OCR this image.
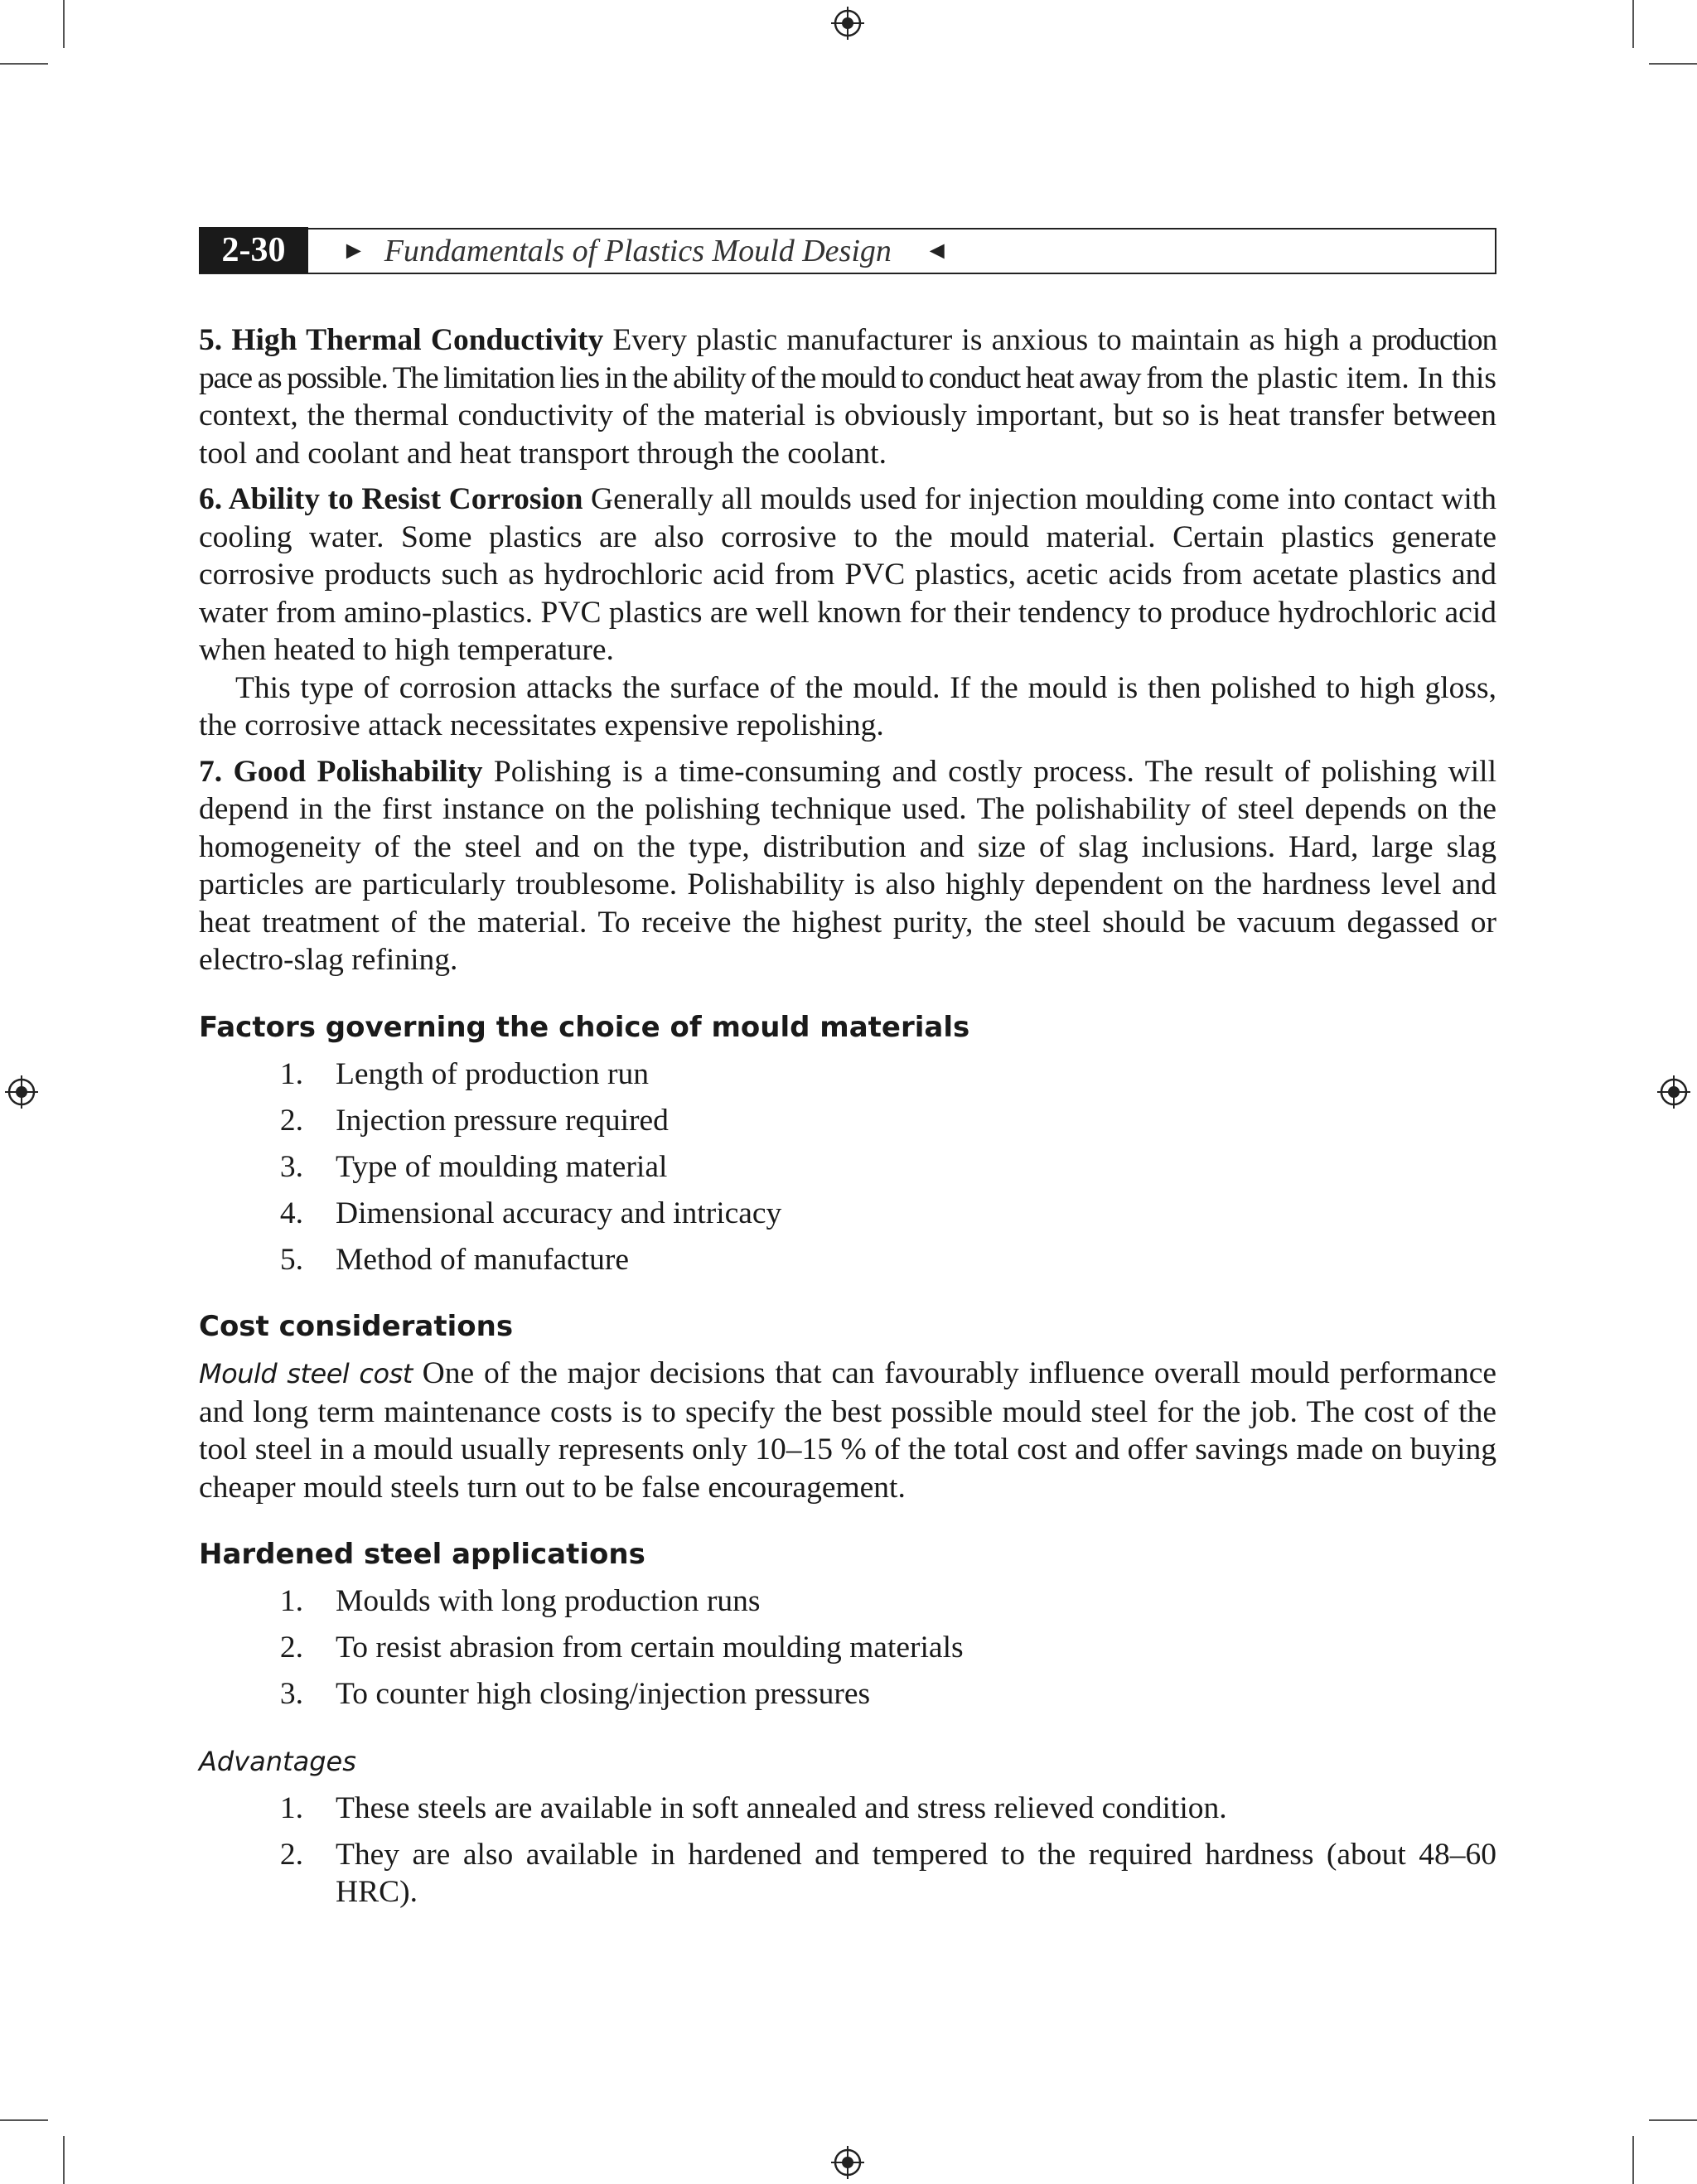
2-30	► Fundamentals of Plastics Mould Design ◄

5. High Thermal Conductivity Every plastic manufacturer is anxious to maintain as high a production pace as possible. The limitation lies in the ability of the mould to conduct heat away from the plastic item. In this context, the thermal conductivity of the material is obviously important, but so is heat transfer between tool and coolant and heat transport through the coolant.

6. Ability to Resist Corrosion Generally all moulds used for injection moulding come into contact with cooling water. Some plastics are also corrosive to the mould material. Certain plastics generate corrosive products such as hydrochloric acid from PVC plastics, acetic acids from acetate plastics and water from amino-plastics. PVC plastics are well known for their tendency to produce hydrochloric acid when heated to high temperature.

This type of corrosion attacks the surface of the mould. If the mould is then polished to high gloss, the corrosive attack necessitates expensive repolishing.

7. Good Polishability Polishing is a time-consuming and costly process. The result of polishing will depend in the first instance on the polishing technique used. The polishability of steel depends on the homogeneity of the steel and on the type, distribution and size of slag inclusions. Hard, large slag particles are particularly troublesome. Polishability is also highly dependent on the hardness level and heat treatment of the material. To receive the highest purity, the steel should be vacuum degassed or electro-slag refining.

Factors governing the choice of mould materials
1. Length of production run
2. Injection pressure required
3. Type of moulding material
4. Dimensional accuracy and intricacy
5. Method of manufacture
Cost considerations

Mould steel cost One of the major decisions that can favourably influence overall mould performance and long term maintenance costs is to specify the best possible mould steel for the job. The cost of the tool steel in a mould usually represents only 10–15 % of the total cost and offer savings made on buying cheaper mould steels turn out to be false encouragement.

Hardened steel applications
1. Moulds with long production runs
2. To resist abrasion from certain moulding materials
3. To counter high closing/injection pressures
Advantages
1. These steels are available in soft annealed and stress relieved condition.
2. They are also available in hardened and tempered to the required hardness (about 48–60 HRC).
